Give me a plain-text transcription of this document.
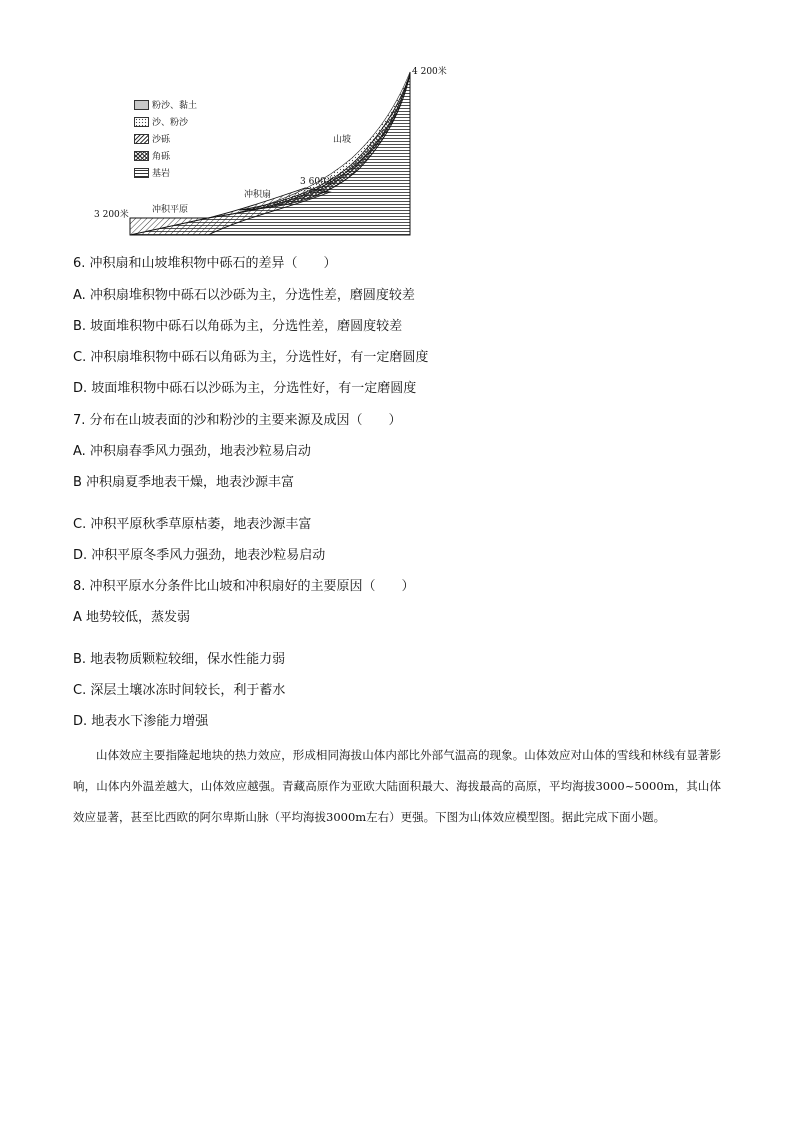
4 200米
3 600米
3 200米
山坡
冲积扇
冲积平原
粉沙、黏土
沙、粉沙
沙砾
角砾
基岩
6. 冲积扇和山坡堆积物中砾石的差异（　　）
A. 冲积扇堆积物中砾石以沙砾为主，分选性差，磨圆度较差
B. 坡面堆积物中砾石以角砾为主，分选性差，磨圆度较差
C. 冲积扇堆积物中砾石以角砾为主，分选性好，有一定磨圆度
D. 坡面堆积物中砾石以沙砾为主，分选性好，有一定磨圆度
7. 分布在山坡表面的沙和粉沙的主要来源及成因（　　）
A. 冲积扇春季风力强劲，地表沙粒易启动
B 冲积扇夏季地表干燥，地表沙源丰富
C. 冲积平原秋季草原枯萎，地表沙源丰富
D. 冲积平原冬季风力强劲，地表沙粒易启动
8. 冲积平原水分条件比山坡和冲积扇好的主要原因（　　）
A 地势较低，蒸发弱
B. 地表物质颗粒较细，保水性能力弱
C. 深层土壤冰冻时间较长，利于蓄水
D. 地表水下渗能力增强

山体效应主要指隆起地块的热力效应，形成相同海拔山体内部比外部气温高的现象。山体效应对山体的雪线和林线有显著影响，山体内外温差越大，山体效应越强。青藏高原作为亚欧大陆面积最大、海拔最高的高原，平均海拔3000~5000m，其山体效应显著，甚至比西欧的阿尔卑斯山脉（平均海拔3000m左右）更强。下图为山体效应模型图。据此完成下面小题。
